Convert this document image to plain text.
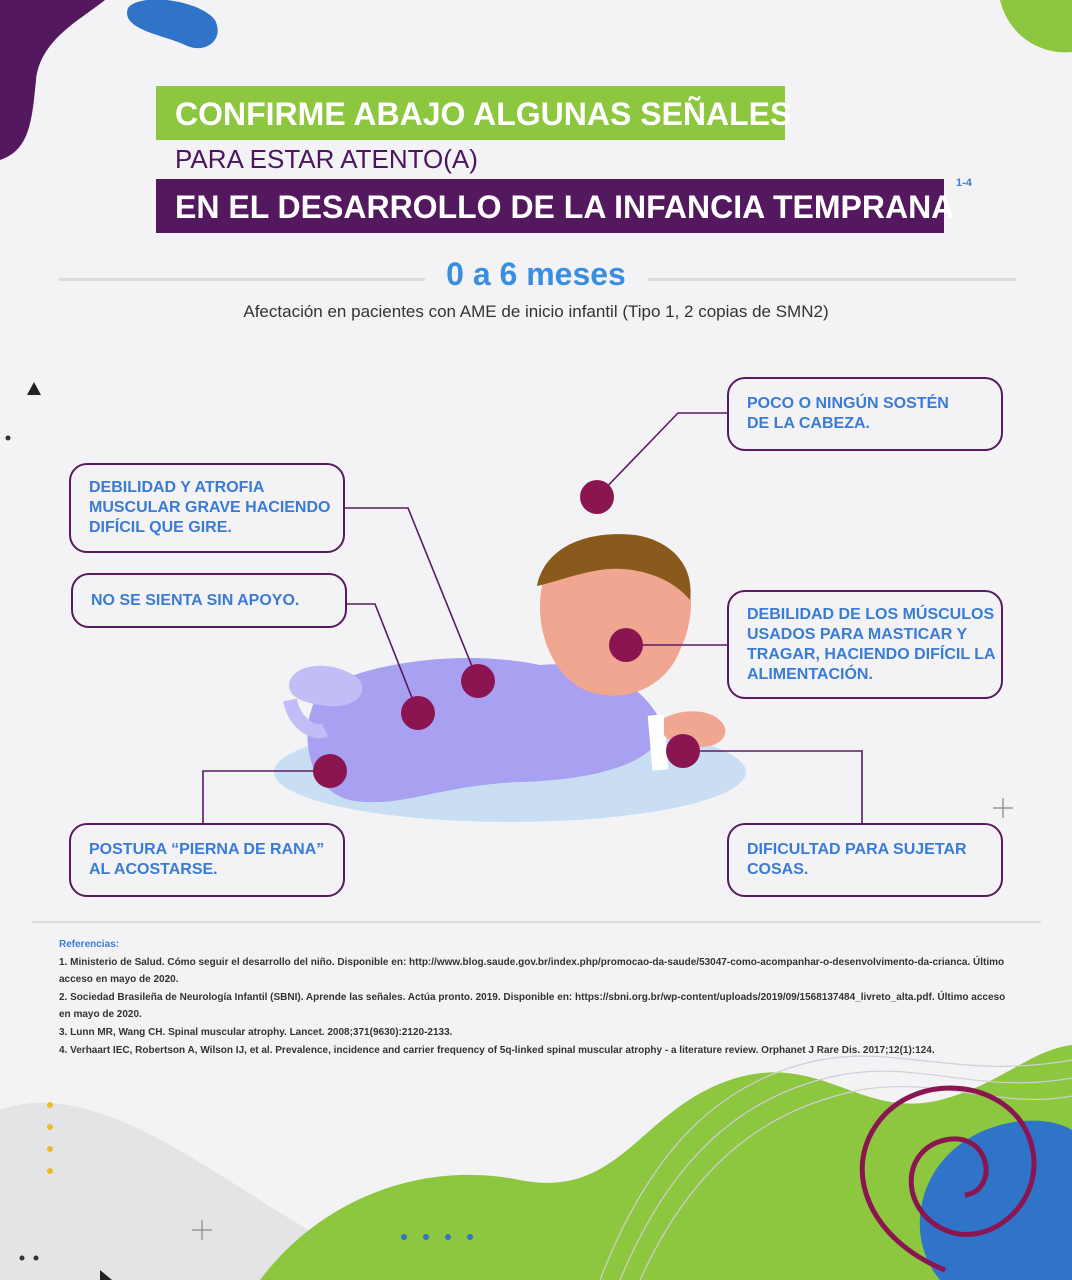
CONFIRME ABAJO ALGUNAS SEÑALES
PARA ESTAR ATENTO(A)
EN EL DESARROLLO DE LA INFANCIA TEMPRANA
1-4
0 a 6 meses
Afectación en pacientes con AME de inicio infantil (Tipo 1, 2 copias de SMN2)
POCO O NINGÚN SOSTÉN
DE LA CABEZA.
DEBILIDAD Y ATROFIA
MUSCULAR GRAVE HACIENDO
DIFÍCIL QUE GIRE.
NO SE SIENTA SIN APOYO.
DEBILIDAD DE LOS MÚSCULOS
USADOS PARA MASTICAR Y
TRAGAR, HACIENDO DIFÍCIL LA
ALIMENTACIÓN.
POSTURA “PIERNA DE RANA”
AL ACOSTARSE.
DIFICULTAD PARA SUJETAR
COSAS.
Referencias:
1. Ministerio de Salud. Cómo seguir el desarrollo del niño. Disponible en: http://www.blog.saude.gov.br/index.php/promocao-da-saude/53047-como-acompanhar-o-desenvolvimento-da-crianca. Último acceso en mayo de 2020.
2. Sociedad Brasileña de Neurología Infantil (SBNI). Aprende las señales. Actúa pronto. 2019. Disponible en: https://sbni.org.br/wp-content/uploads/2019/09/1568137484_livreto_alta.pdf. Último acceso en mayo de 2020.
3. Lunn MR, Wang CH. Spinal muscular atrophy. Lancet. 2008;371(9630):2120-2133.
4. Verhaart IEC, Robertson A, Wilson IJ, et al. Prevalence, incidence and carrier frequency of 5q-linked spinal muscular atrophy - a literature review. Orphanet J Rare Dis. 2017;12(1):124.
